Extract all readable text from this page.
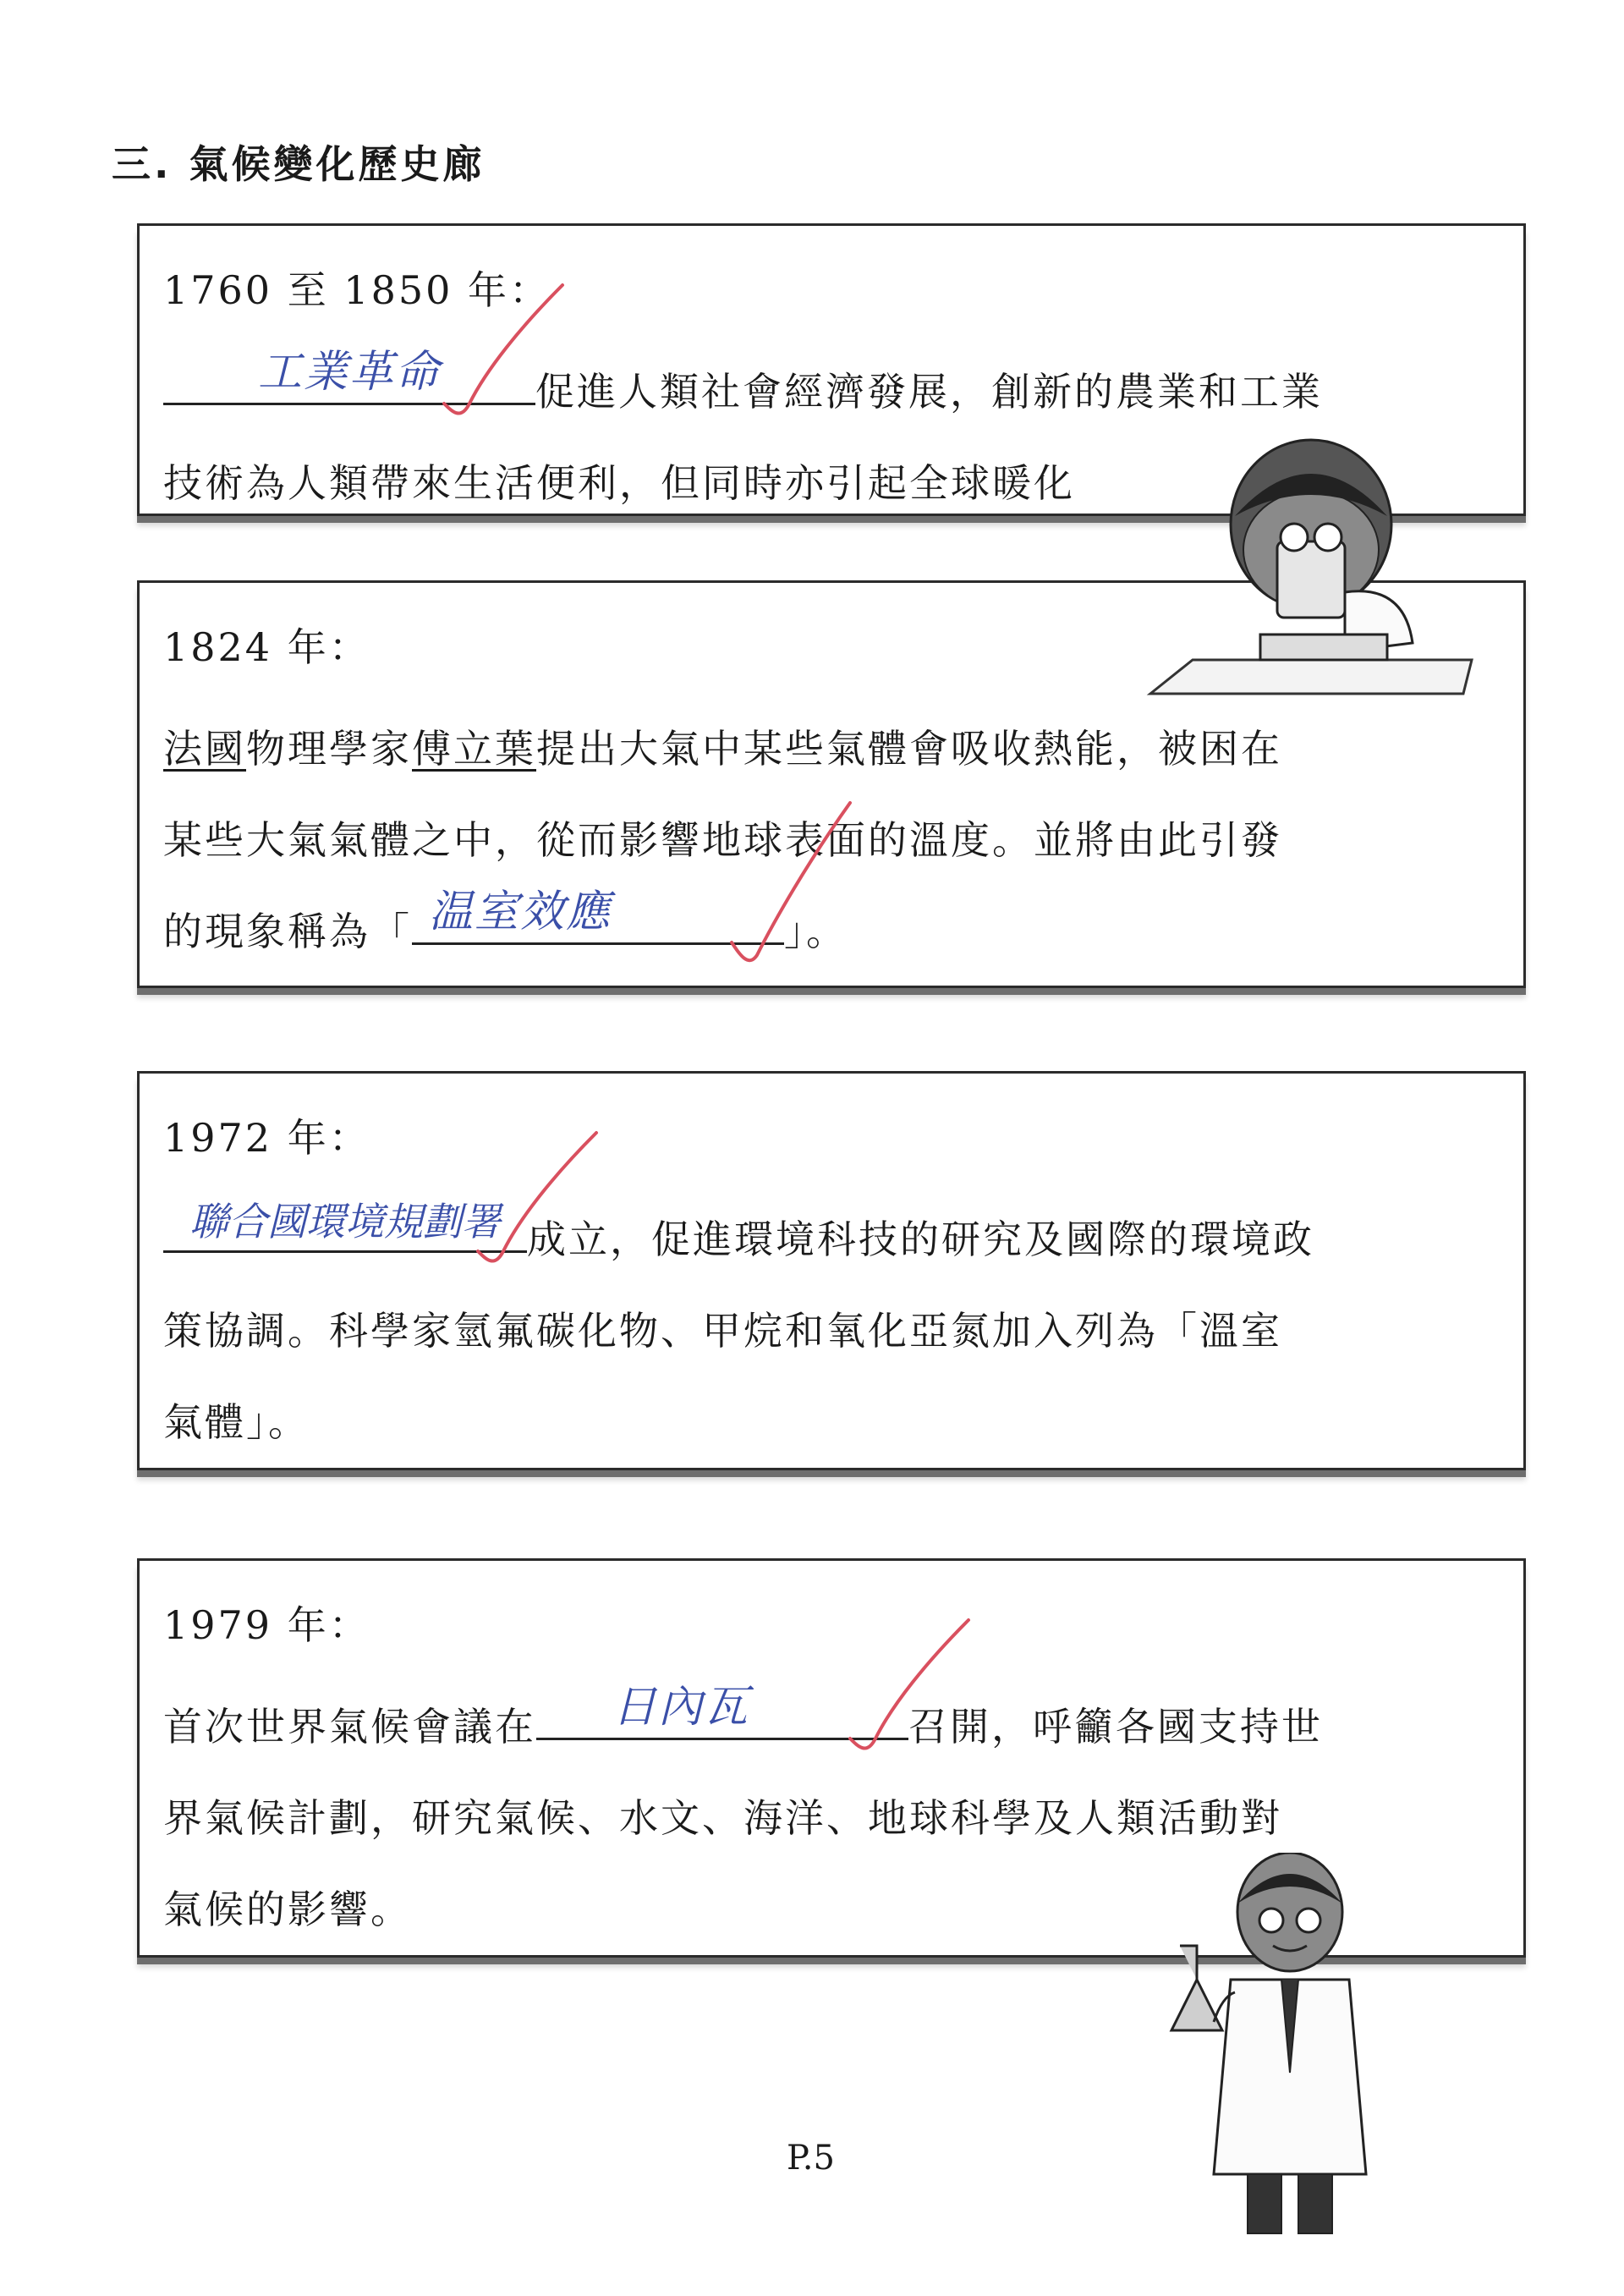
三. 氣候變化歷史廊
1760 至 1850 年：
工業革命	促進人類社會經濟發展，創新的農業和工業
技術為人類帶來生活便利，但同時亦引起全球暖化
1824 年：
法國物理學家傅立葉提出大氣中某些氣體會吸收熱能，被困在
某些大氣氣體之中，從而影響地球表面的溫度。並將由此引發
的現象稱為「 温室效應	」。
1972 年：
聯合國環境規劃署 成立，促進環境科技的研究及國際的環境政
策協調。科學家氫氟碳化物、甲烷和氧化亞氮加入列為「溫室
氣體」。
1979 年：
首次世界氣候會議在	日內瓦	召開，呼籲各國支持世
界氣候計劃，研究氣候、水文、海洋、地球科學及人類活動對
氣候的影響。
P.5
